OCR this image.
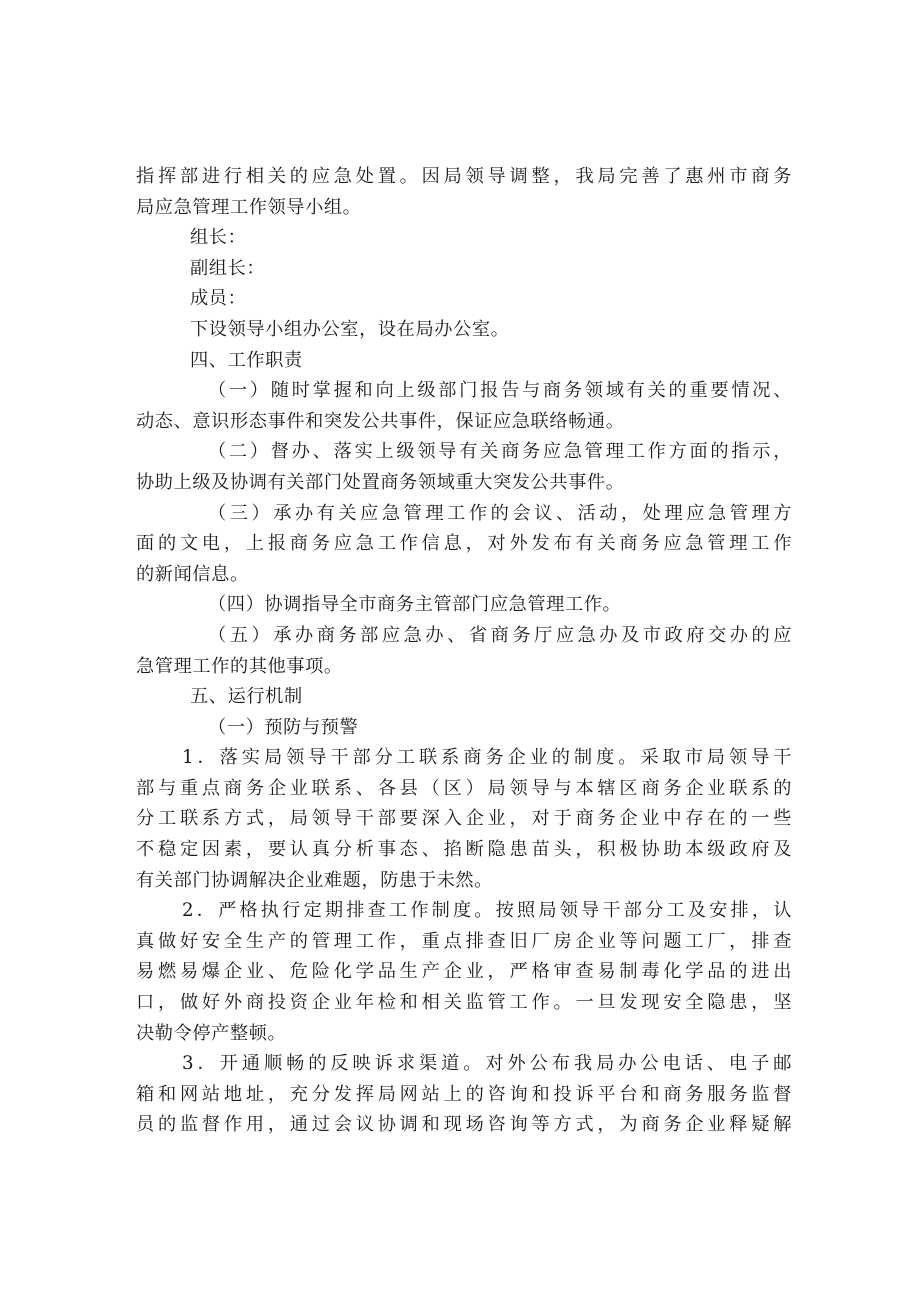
指挥部进行相关的应急处置。因局领导调整，我局完善了惠州市商务
局应急管理工作领导小组。
组长：
副组长：
成员：
下设领导小组办公室，设在局办公室。
四、工作职责
（一）随时掌握和向上级部门报告与商务领域有关的重要情况、
动态、意识形态事件和突发公共事件，保证应急联络畅通。
（二）督办、落实上级领导有关商务应急管理工作方面的指示，
协助上级及协调有关部门处置商务领域重大突发公共事件。
（三）承办有关应急管理工作的会议、活动，处理应急管理方
面的文电，上报商务应急工作信息，对外发布有关商务应急管理工作
的新闻信息。
（四）协调指导全市商务主管部门应急管理工作。
（五）承办商务部应急办、省商务厅应急办及市政府交办的应
急管理工作的其他事项。
五、运行机制
（一）预防与预警
1．落实局领导干部分工联系商务企业的制度。采取市局领导干
部与重点商务企业联系、各县（区）局领导与本辖区商务企业联系的
分工联系方式，局领导干部要深入企业，对于商务企业中存在的一些
不稳定因素，要认真分析事态、掐断隐患苗头，积极协助本级政府及
有关部门协调解决企业难题，防患于未然。
2．严格执行定期排查工作制度。按照局领导干部分工及安排，认
真做好安全生产的管理工作，重点排查旧厂房企业等问题工厂，排查
易燃易爆企业、危险化学品生产企业，严格审查易制毒化学品的进出
口，做好外商投资企业年检和相关监管工作。一旦发现安全隐患，坚
决勒令停产整顿。
3．开通顺畅的反映诉求渠道。对外公布我局办公电话、电子邮
箱和网站地址，充分发挥局网站上的咨询和投诉平台和商务服务监督
员的监督作用，通过会议协调和现场咨询等方式，为商务企业释疑解
